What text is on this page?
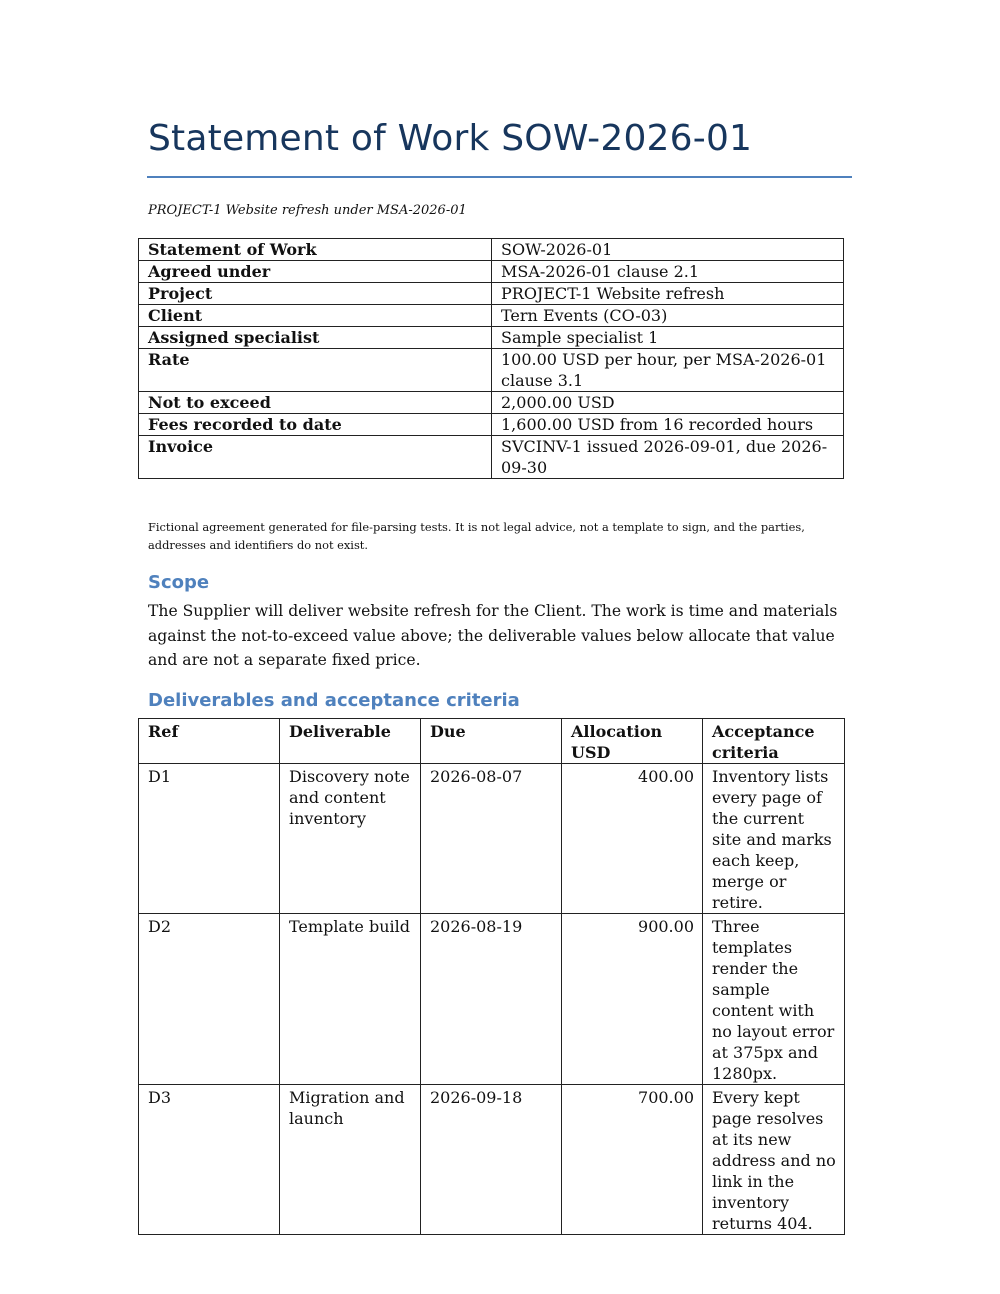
Statement of Work SOW-2026-01
PROJECT-1 Website refresh under MSA-2026-01
Statement of Work	SOW-2026-01
Agreed under	MSA-2026-01 clause 2.1
Project	PROJECT-1 Website refresh
Client	Tern Events (CO-03)
Assigned specialist	Sample specialist 1
Rate	100.00 USD per hour, per MSA-2026-01 clause 3.1
Not to exceed	2,000.00 USD
Fees recorded to date	1,600.00 USD from 16 recorded hours
Invoice	SVCINV-1 issued 2026-09-01, due 2026-09-30
Fictional agreement generated for file-parsing tests. It is not legal advice, not a template to sign, and the parties, addresses and identifiers do not exist.
Scope
The Supplier will deliver website refresh for the Client. The work is time and materials against the not-to-exceed value above; the deliverable values below allocate that value and are not a separate fixed price.
Deliverables and acceptance criteria
Ref	Deliverable	Due	Allocation USD	Acceptance criteria
D1	Discovery note and content inventory	2026-08-07	400.00	Inventory lists every page of the current site and marks each keep, merge or retire.
D2	Template build	2026-08-19	900.00	Three templates render the sample content with no layout error at 375px and 1280px.
D3	Migration and launch	2026-09-18	700.00	Every kept page resolves at its new address and no link in the inventory returns 404.
